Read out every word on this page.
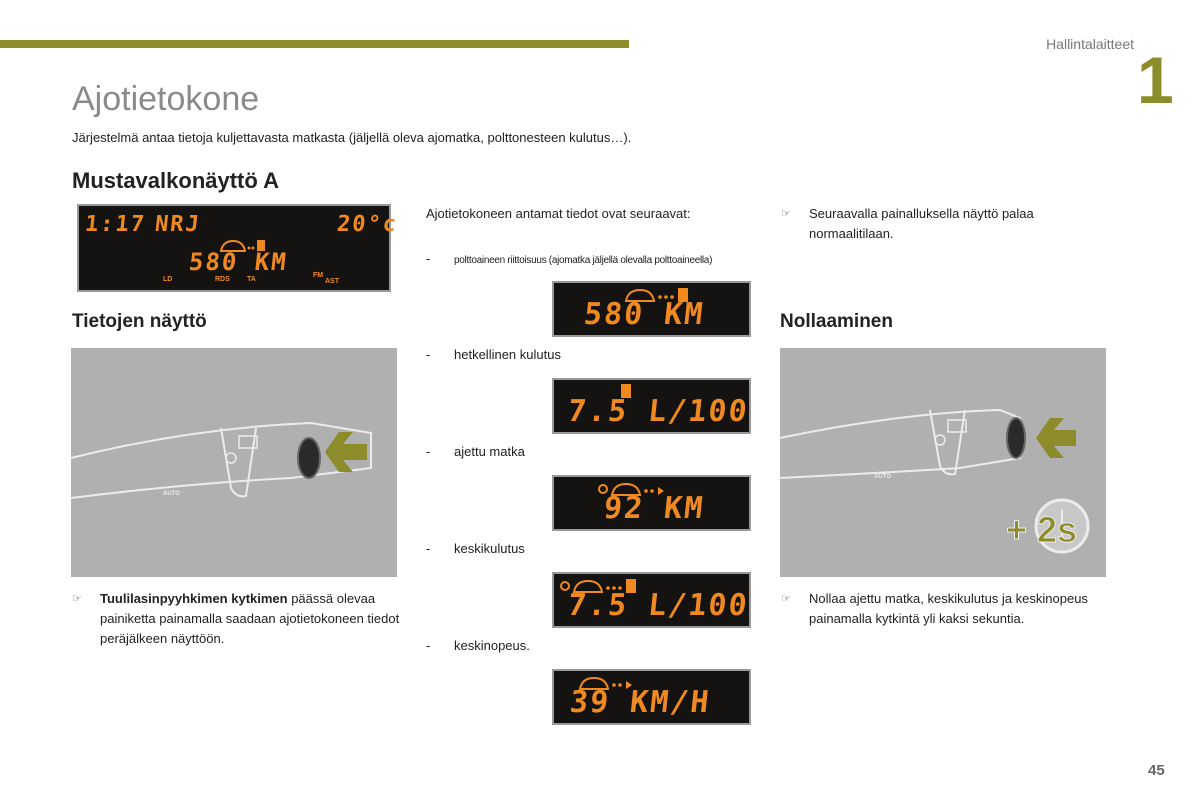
Hallintalaitteet 1
Ajotietokone
Järjestelmä antaa tietoja kuljettavasta matkasta (jäljellä oleva ajomatka, polttonesteen kulutus…).
Mustavalkonäyttö A
1:17 NRJ	20°c
580 KM
LD	RDS TA
FM
AST
Tietojen näyttö
AUTO
☞ Tuulilasinpyyhkimen kytkimen päässä olevaa painiketta painamalla saadaan ajotietokoneen tiedot peräjälkeen näyttöön.
Ajotietokoneen antamat tiedot ovat seuraavat:
- polttoaineen riittoisuus (ajomatka jäljellä olevalla polttoaineella)
580 KM
- hetkellinen kulutus
7.5 L/100
- ajettu matka
92 KM
- keskikulutus
7.5 L/100
- keskinopeus.
39 KM/H
☞ Seuraavalla painalluksella näyttö palaa normaalitilaan.
Nollaaminen
AUTO
+ 2s
☞ Nollaa ajettu matka, keskikulutus ja keskinopeus painamalla kytkintä yli kaksi sekuntia.
45
